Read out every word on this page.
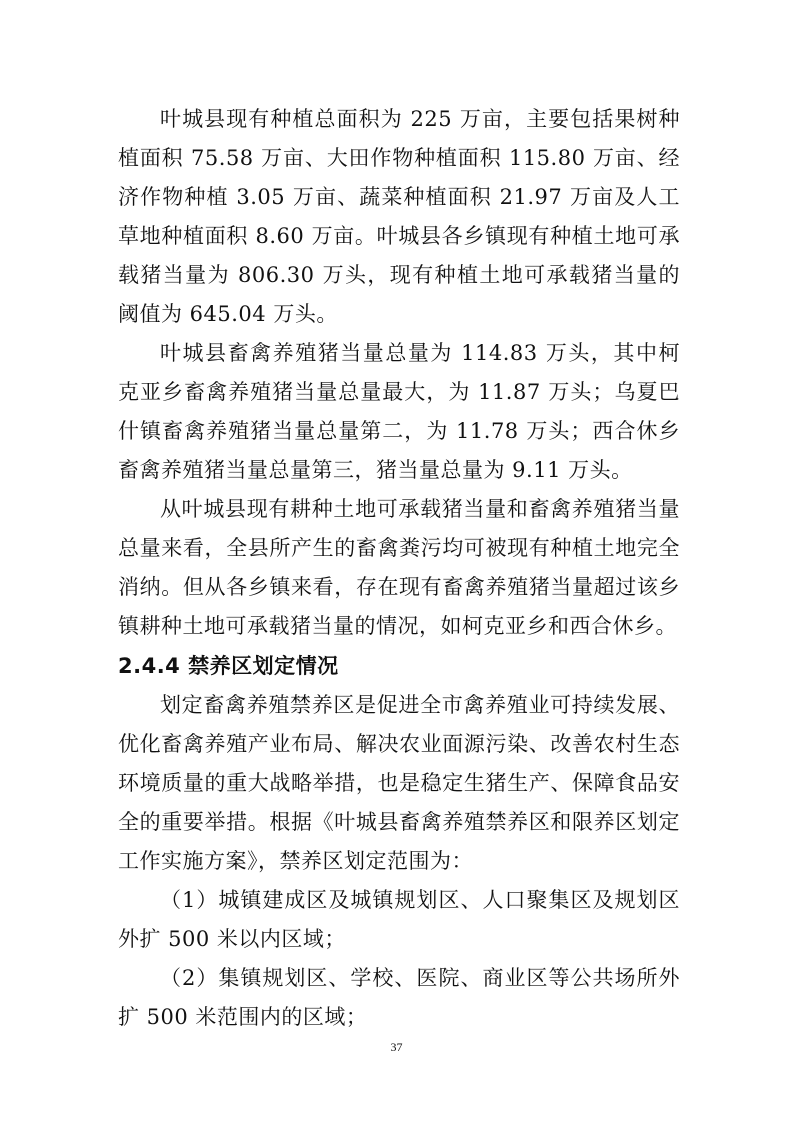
叶城县现有种植总面积为 225 万亩，主要包括果树种植面积 75.58 万亩、大田作物种植面积 115.80 万亩、经济作物种植 3.05 万亩、蔬菜种植面积 21.97 万亩及人工草地种植面积 8.60 万亩。叶城县各乡镇现有种植土地可承载猪当量为 806.30 万头，现有种植土地可承载猪当量的阈值为 645.04 万头。

叶城县畜禽养殖猪当量总量为 114.83 万头，其中柯克亚乡畜禽养殖猪当量总量最大，为 11.87 万头；乌夏巴什镇畜禽养殖猪当量总量第二，为 11.78 万头；西合休乡畜禽养殖猪当量总量第三，猪当量总量为 9.11 万头。

从叶城县现有耕种土地可承载猪当量和畜禽养殖猪当量总量来看，全县所产生的畜禽粪污均可被现有种植土地完全消纳。但从各乡镇来看，存在现有畜禽养殖猪当量超过该乡镇耕种土地可承载猪当量的情况，如柯克亚乡和西合休乡。

2.4.4 禁养区划定情况

划定畜禽养殖禁养区是促进全市禽养殖业可持续发展、优化畜禽养殖产业布局、解决农业面源污染、改善农村生态环境质量的重大战略举措，也是稳定生猪生产、保障食品安全的重要举措。根据《叶城县畜禽养殖禁养区和限养区划定工作实施方案》，禁养区划定范围为：

（1）城镇建成区及城镇规划区、人口聚集区及规划区外扩 500 米以内区域；

（2）集镇规划区、学校、医院、商业区等公共场所外扩 500 米范围内的区域；

37
